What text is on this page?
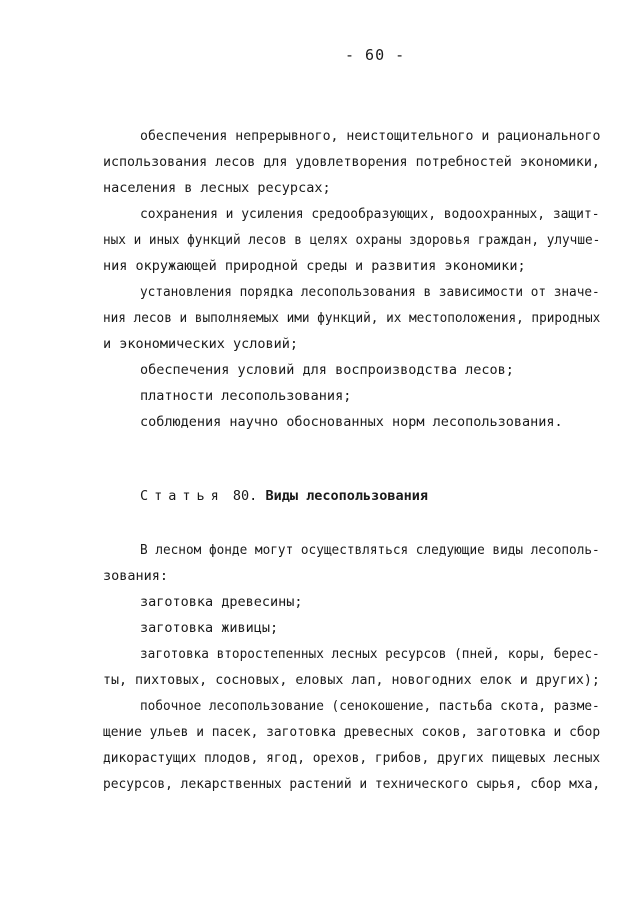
- 60 -
обеспечения непрерывного, неистощительного и рационального
использования лесов для удовлетворения потребностей экономики,
населения в лесных ресурсах;
сохранения и усиления средообразующих, водоохранных, защит-
ных и иных функций лесов в целях охраны здоровья граждан, улучше-
ния окружающей природной среды и развития экономики;
установления порядка лесопользования в зависимости от значе-
ния лесов и выполняемых ими функций, их местоположения, природных
и экономических условий;
обеспечения условий для воспроизводства лесов;
платности лесопользования;
соблюдения научно обоснованных норм лесопользования.
Статья 80. Виды лесопользования
В лесном фонде могут осуществляться следующие виды лесополь-
зования:
заготовка древесины;
заготовка живицы;
заготовка второстепенных лесных ресурсов (пней, коры, берес-
ты, пихтовых, сосновых, еловых лап, новогодних елок и других);
побочное лесопользование (сенокошение, пастьба скота, разме-
щение ульев и пасек, заготовка древесных соков, заготовка и сбор
дикорастущих плодов, ягод, орехов, грибов, других пищевых лесных
ресурсов, лекарственных растений и технического сырья, сбор мха,
